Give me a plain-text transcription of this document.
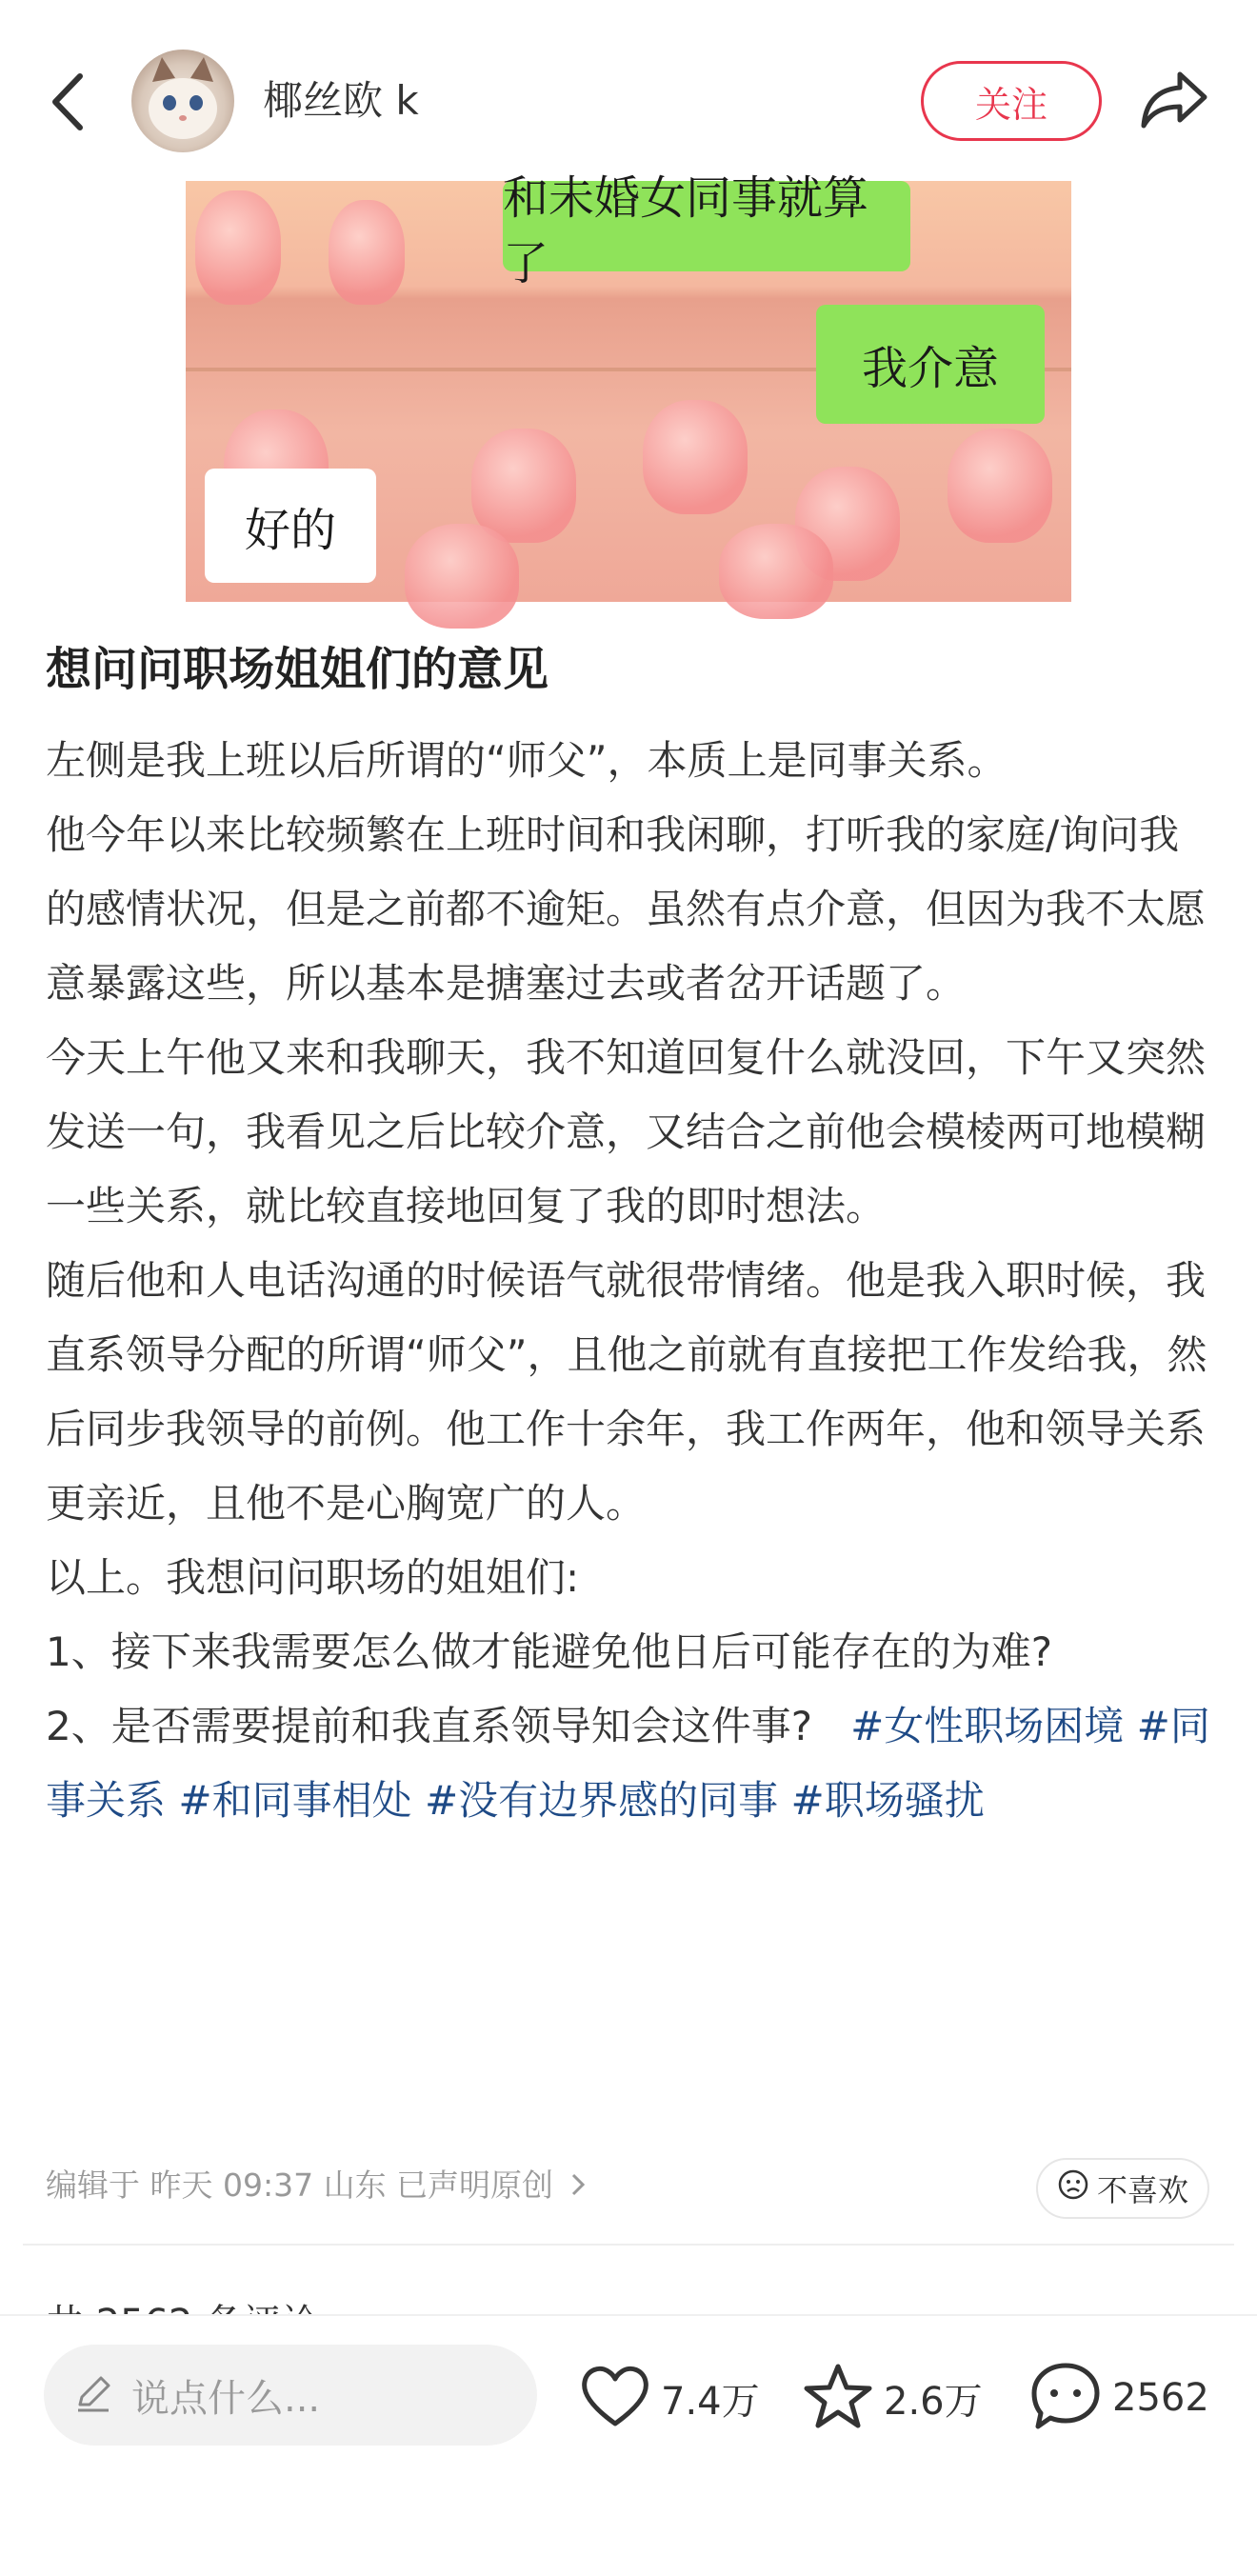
椰丝欧 k	关注
和未婚女同事就算了
我介意
好的
想问问职场姐姐们的意见

左侧是我上班以后所谓的“师父”，本质上是同事关系。

他今年以来比较频繁在上班时间和我闲聊，打听我的家庭/询问我的感情状况，但是之前都不逾矩。虽然有点介意，但因为我不太愿意暴露这些，所以基本是搪塞过去或者岔开话题了。

今天上午他又来和我聊天，我不知道回复什么就没回，下午又突然发送一句，我看见之后比较介意，又结合之前他会模棱两可地模糊一些关系，就比较直接地回复了我的即时想法。

随后他和人电话沟通的时候语气就很带情绪。他是我入职时候，我直系领导分配的所谓“师父”，且他之前就有直接把工作发给我，然后同步我领导的前例。他工作十余年，我工作两年，他和领导关系更亲近，且他不是心胸宽广的人。

以上。我想问问职场的姐姐们:

1、接下来我需要怎么做才能避免他日后可能存在的为难?

2、是否需要提前和我直系领导知会这件事? #女性职场困境 #同事关系 #和同事相处 #没有边界感的同事 #职场骚扰

编辑于 昨天 09:37 山东 已声明原创	不喜欢
说点什么...	7.4万	2.6万	2562
